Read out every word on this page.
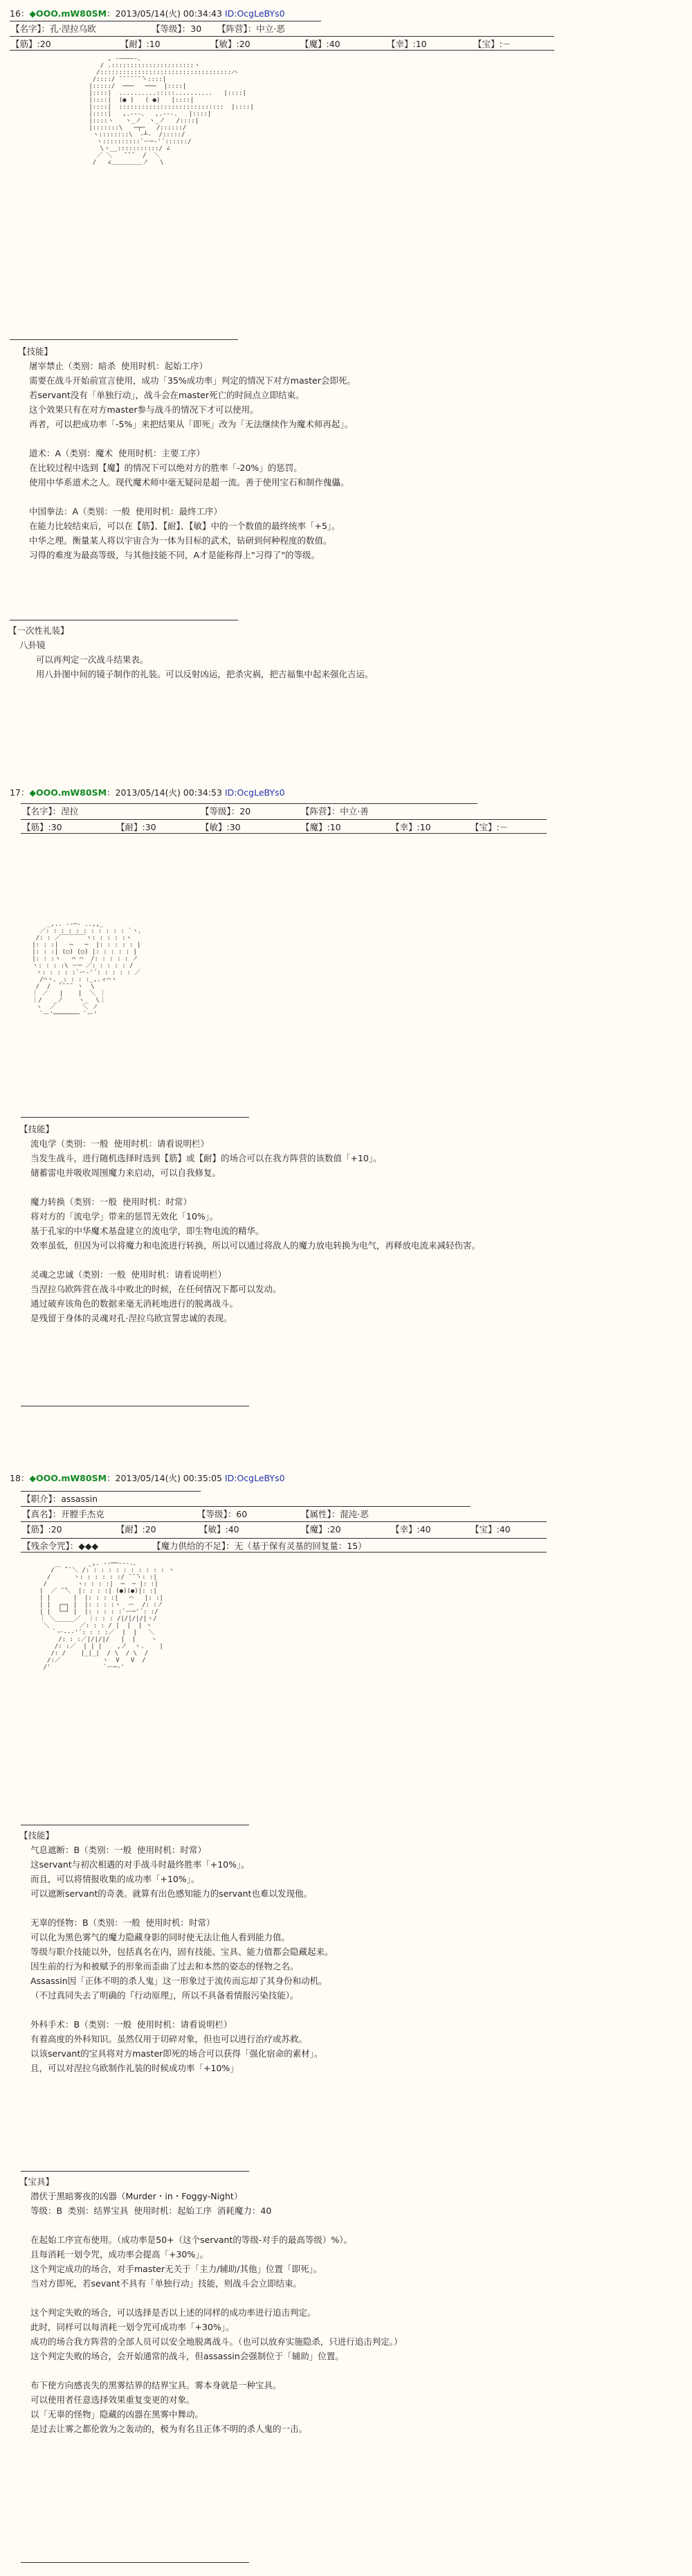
16：◆OOO.mW80SM：2013/05/14(火) 00:34:43 ID:OcgLeBYs0
【名字】：孔·涅拉乌欧	【等级】：30 【阵营】：中立·恶
【筋】:20	【耐】:10	【敏】:20	【魔】:40	【幸】:10	【宝】:－
, -――――-、
/ .::::::::::::::::::::::ヽ
/:::::::::::::::::::::::::::::::::::ハ
/::::/ ̄ ̄ ̄ ̄ ̄ ̄ ̄ヽ::::|
|:::::/  ───   ───  |::::|
|::::|  ..........:::::..........   |::::|
|::::|  (● )   ( ●)   |::::|
|::::|  ::::::::::::::::::::::::::::  |::::|
|::::|   ,.-‐-、  ,.-‐-.   |::::|
|::::ヽ   ヽ_ノ  ヽ_ノ   /::::|
|:::::::\   ─┬─   /::::::/
ヽ::::::::\  ‐┴‐  /:::::/
ヽ::::::::::`ー─‐'´::::::/
\ヽ__:::::::::::/ ∠
／ ＼   ̄ ̄ ̄   /  ＼
/   ∠＿＿＿＿＿ノ   \
【技能】
屠宰禁止（类别：暗杀  使用时机：起始工序）
需要在战斗开始前宣言使用，成功「35%成功率」判定的情况下对方master会即死。
若servant没有「单独行动」，战斗会在master死亡的时间点立即结束。
这个效果只有在对方master参与战斗的情况下才可以使用。
再者，可以把成功率「-5%」来把结果从「即死」改为「无法继续作为魔术师再起」。

道术：A（类别：魔术  使用时机：主要工序）
在比较过程中选到【魔】的情况下可以绝对方的胜率「-20%」的惩罚。
使用中华系道术之人。现代魔术师中毫无疑问是超一流。善于使用宝石和制作傀儡。

中国拳法：A（类别：一般  使用时机：最终工序）
在能力比较结束后，可以在【筋】、【耐】、【敏】中的一个数值的最终统率「+5」。
中华之理。衡量某人将以宇宙合为一体为目标的武术，钻研到何种程度的数值。
习得的难度为最高等级，与其他技能不同，A才是能称得上"习得了"的等级。
【一次性礼装】
八卦镜
可以再判定一次战斗结果表。
用八卦图中间的镜子制作的礼装。可以反射凶运，把杀灾祸，把吉福集中起来强化吉运。
17：◆OOO.mW80SM：2013/05/14(火) 00:34:53 ID:OcgLeBYs0
【名字】：涅拉	【等级】：20	【阵营】：中立·善
【筋】:30	【耐】:30	【敏】:30	【魔】:10	【幸】:10	【宝】:－
_,.. --─- ..,,_
／: : : : : : : : : : : `ヽ、
/: : ／￣￣￣￣ヽ: : : : :ヽ
|: : :|   ─   ─  |: : : : : |
|: : :| (◯) (◯) |: : : : : |
|: : :ヽ   ⌒ ⌒  /: : : : : ノ
ヽ: : : :\ ー─ ／: : : : : /
ヽ: : : : :`ー‐'´: : : : : ／
/⌒ヽ、_: : : :_,.ィ⌒ヽ
/  /  ̄ ̄ ̄ ̄  ヽ  \
｜ ／   |    |  ＼ ｜
｜/   _ノ    ヽ_  \｜
ヽ  ／       ＼ ノ
`ー'─────── `ー'
【技能】
流电学（类别：一般  使用时机：请看说明栏）
当发生战斗，进行随机选择时选到【筋】或【耐】的场合可以在我方阵营的该数值「+10」。
储蓄雷电并吸收周围魔力来启动，可以自我修复。

魔力转换（类别：一般  使用时机：时常）
将对方的「流电学」带来的惩罚无效化「10%」。
基于孔家的中华魔术基盘建立的流电学，即生物电流的精华。
效率虽低，但因为可以将魔力和电流进行转换，所以可以通过将敌人的魔力放电转换为电气，再释放电流来减轻伤害。

灵魂之忠诚（类别：一般  使用时机：请看说明栏）
当涅拉乌欧阵营在战斗中败北的时候，在任何情况下都可以发动。
通过破弃该角色的数据来毫无消耗地进行的脱离战斗。
是残留于身体的灵魂对孔·涅拉乌欧宣誓忠诚的表现。
18：◆OOO.mW80SM：2013/05/14(火) 00:35:05 ID:OcgLeBYs0
【职介】：assassin
【真名】：开膛手杰克	【等级】：60	【属性】：混沌·恶
【筋】:20	【耐】:20	【敏】:40	【魔】:20	【幸】:40	【宝】:40
【残余令咒】：◆◆◆	【魔力供给的不足】：无（基于保有灵基的回复量：15）
_,. -‐──-‐-.、
/￣ ̄``＼ /: : : : : : : : : : : ヽ
/      ヽ: : : : : :/ ̄ ̄ ̄ヽ: :|
/        ヽ: : : :|  ─  ─ |: :|
|  ／ ̄ ̄＼  |: : : :| (●)(●)|: :|
| |      |  |: : : :|   ⌒   |: :|
| |  ┌─┐ |  |: : : :ヽ  ー  /: :ノ
| |  └─┘ |  |: : : : :`ー─'´: :/
｜ ＼_____／  ｜: : : /|/|/|/|ヽ/
＼        ／: : : / |  |  | ヽ
｀ー‐‐‐'´: : : :／  |  |   ＼
/: : :／|/|/|/   |  |    ヽ
/: :／  | | |    ,ノ  ヽ.    |
/: /    |_|_|  / \  / \  /
/:／           ヽ  V   V  /
/'              `ー─‐'
【技能】
气息遮断：B（类别：一般  使用时机：时常）
这servant与初次相遇的对手战斗时最终胜率「+10%」。
而且，可以将情报收集的成功率「+10%」。
可以遮断servant的奇袭。就算有出色感知能力的servant也难以发现他。

无辜的怪物：B（类别：一般  使用时机：时常）
可以化为黑色雾气的魔力隐藏身影的同时使无法让他人看到能力值。
等级与职介技能以外，包括真名在内，固有技能、宝具、能力值都会隐藏起来。
因生前的行为和被赋予的形象而歪曲了过去和本然的姿态的怪物之名。
Assassin因「正体不明的杀人鬼」这一形象过于流传而忘却了其身份和动机。
（不过真同失去了明确的『行动原理』，所以不具备看情报污染技能）。

外科手术：B（类别：一般  使用时机：请看说明栏）
有着高度的外科知识。虽然仅用于切碎对象，但也可以进行治疗或苏救。
以该servant的宝具将对方master即死的场合可以获得「强化宿命的素材」。
且，可以对涅拉乌欧制作礼装的时候成功率「+10%」
【宝具】
潜伏于黑暗雾夜的凶器（Murder・in・Foggy-Night）
等级：B  类别：结界宝具  使用时机：起始工序  消耗魔力：40

在起始工序宣布使用。（成功率是50+（这个servant的等级-对手的最高等级）%）。
且每消耗一划令咒，成功率会提高「+30%」。
这个判定成功的场合，对手master无关于「主力/辅助/其他」位置「即死」。
当对方即死，若sevant不具有「单独行动」技能，则战斗会立即结束。

这个判定失败的场合，可以选择是否以上述的同样的成功率进行追击判定。
此时，同样可以每消耗一划令咒可成功率「+30%」。
成功的场合我方阵营的全部人员可以安全地脱离战斗。（也可以放弃实施隐杀，只进行追击判定。）
这个判定失败的场合，会开始通常的战斗，但assassin会强制位于「辅助」位置。

布下使方向感丧失的黑雾结界的结界宝具。雾本身就是一种宝具。
可以使用者任意选择效果重复变更的对象。
以「无辜的怪物」隐藏的凶器在黑雾中舞动。
是过去让雾之都伦敦为之轰动的，极为有名且正体不明的杀人鬼的一击。
